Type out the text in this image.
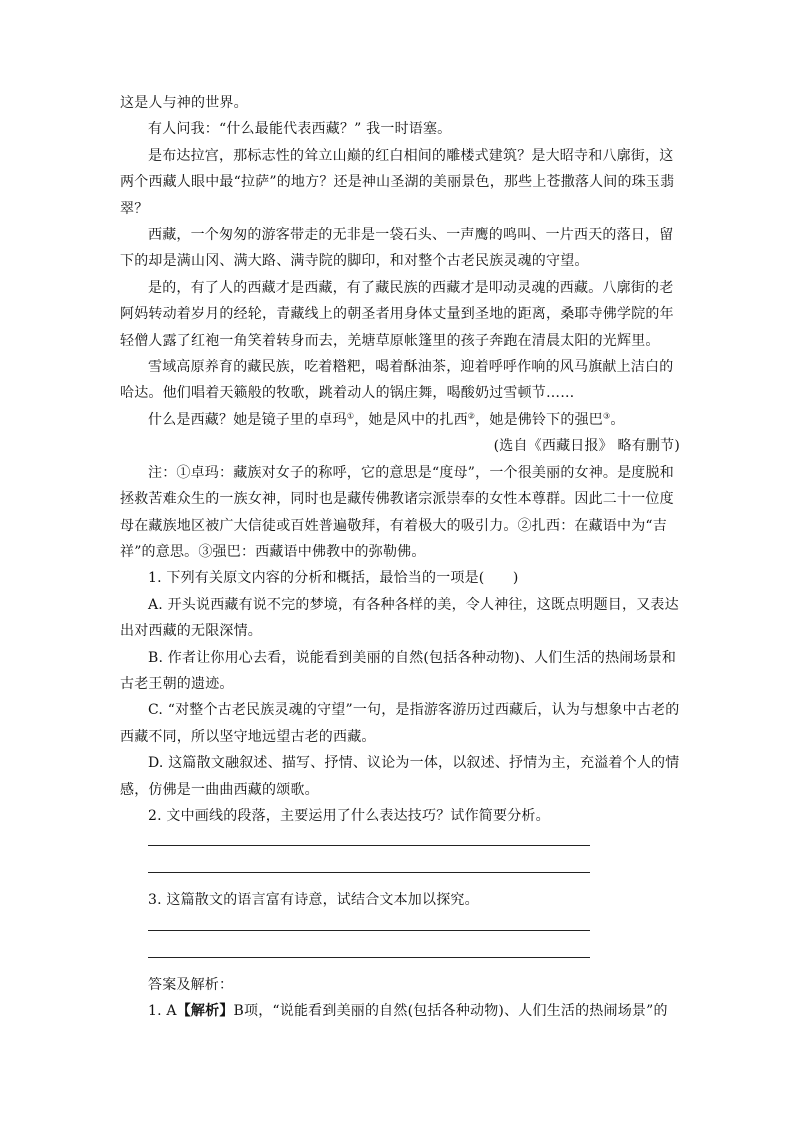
这是人与神的世界。

有人问我：“什么最能代表西藏？” 我一时语塞。

是布达拉宫，那标志性的耸立山巅的红白相间的雕楼式建筑？是大昭寺和八廓街，这两个西藏人眼中最“拉萨”的地方？还是神山圣湖的美丽景色，那些上苍撒落人间的珠玉翡翠？

西藏，一个匆匆的游客带走的无非是一袋石头、一声鹰的鸣叫、一片西天的落日，留下的却是满山冈、满大路、满寺院的脚印，和对整个古老民族灵魂的守望。

是的，有了人的西藏才是西藏，有了藏民族的西藏才是叩动灵魂的西藏。八廓街的老阿妈转动着岁月的经轮，青藏线上的朝圣者用身体丈量到圣地的距离，桑耶寺佛学院的年轻僧人露了红袍一角笑着转身而去，羌塘草原帐篷里的孩子奔跑在清晨太阳的光辉里。

雪域高原养育的藏民族，吃着糌粑，喝着酥油茶，迎着呼呼作响的风马旗献上洁白的哈达。他们唱着天籁般的牧歌，跳着动人的锅庄舞，喝酸奶过雪顿节……

什么是西藏？她是镜子里的卓玛①，她是风中的扎西②，她是佛铃下的强巴③。

(选自《西藏日报》 略有删节)

注：①卓玛：藏族对女子的称呼，它的意思是“度母”，一个很美丽的女神。是度脱和拯救苦难众生的一族女神，同时也是藏传佛教诸宗派崇奉的女性本尊群。因此二十一位度母在藏族地区被广大信徒或百姓普遍敬拜，有着极大的吸引力。②扎西：在藏语中为“吉祥”的意思。③强巴：西藏语中佛教中的弥勒佛。

1. 下列有关原文内容的分析和概括，最恰当的一项是(　　)

A. 开头说西藏有说不完的梦境，有各种各样的美，令人神往，这既点明题目，又表达出对西藏的无限深情。

B. 作者让你用心去看，说能看到美丽的自然(包括各种动物)、人们生活的热闹场景和古老王朝的遗迹。

C. “对整个古老民族灵魂的守望”一句，是指游客游历过西藏后，认为与想象中古老的西藏不同，所以坚守地远望古老的西藏。

D. 这篇散文融叙述、描写、抒情、议论为一体，以叙述、抒情为主，充溢着个人的情感，仿佛是一曲曲西藏的颂歌。

2. 文中画线的段落，主要运用了什么表达技巧？试作简要分析。

3. 这篇散文的语言富有诗意，试结合文本加以探究。

答案及解析：

1. A【解析】B项，“说能看到美丽的自然(包括各种动物)、人们生活的热闹场景”的
